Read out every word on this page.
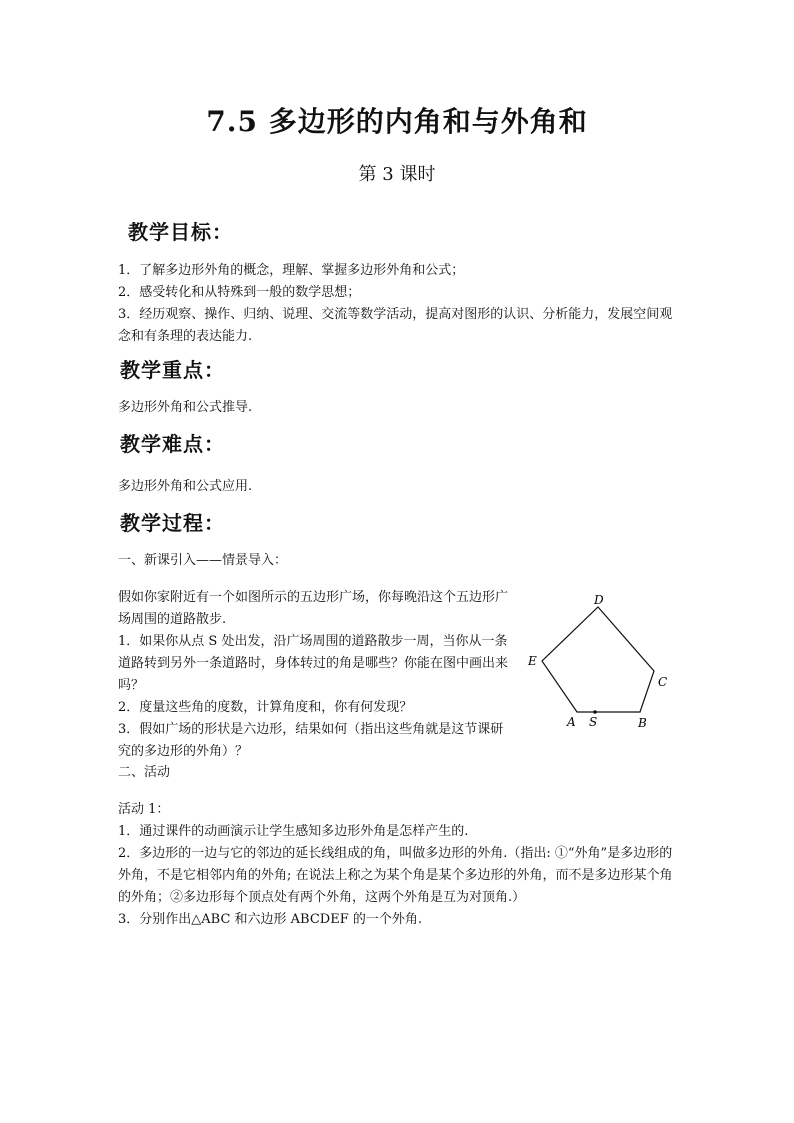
7.5 多边形的内角和与外角和
第 3 课时
教学目标：
1．了解多边形外角的概念，理解、掌握多边形外角和公式；
2．感受转化和从特殊到一般的数学思想；
3．经历观察、操作、归纳、说理、交流等数学活动，提高对图形的认识、分析能力，发展空间观念和有条理的表达能力.
教学重点：
多边形外角和公式推导.
教学难点：
多边形外角和公式应用.
教学过程：
一、新课引入——情景导入：
假如你家附近有一个如图所示的五边形广场，你每晚沿这个五边形广场周围的道路散步.
1．如果你从点 S 处出发，沿广场周围的道路散步一周，当你从一条道路转到另外一条道路时，身体转过的角是哪些？你能在图中画出来吗？
2．度量这些角的度数，计算角度和，你有何发现？
3．假如广场的形状是六边形，结果如何（指出这些角就是这节课研究的多边形的外角）？
D
C
B
A S
E
二、活动
活动 1：
1．通过课件的动画演示让学生感知多边形外角是怎样产生的.
2．多边形的一边与它的邻边的延长线组成的角，叫做多边形的外角.（指出: ①“外角”是多边形的外角，不是它相邻内角的外角; 在说法上称之为某个角是某个多边形的外角，而不是多边形某个角的外角；②多边形每个顶点处有两个外角，这两个外角是互为对顶角.）
3．分别作出△ABC 和六边形 ABCDEF 的一个外角.
